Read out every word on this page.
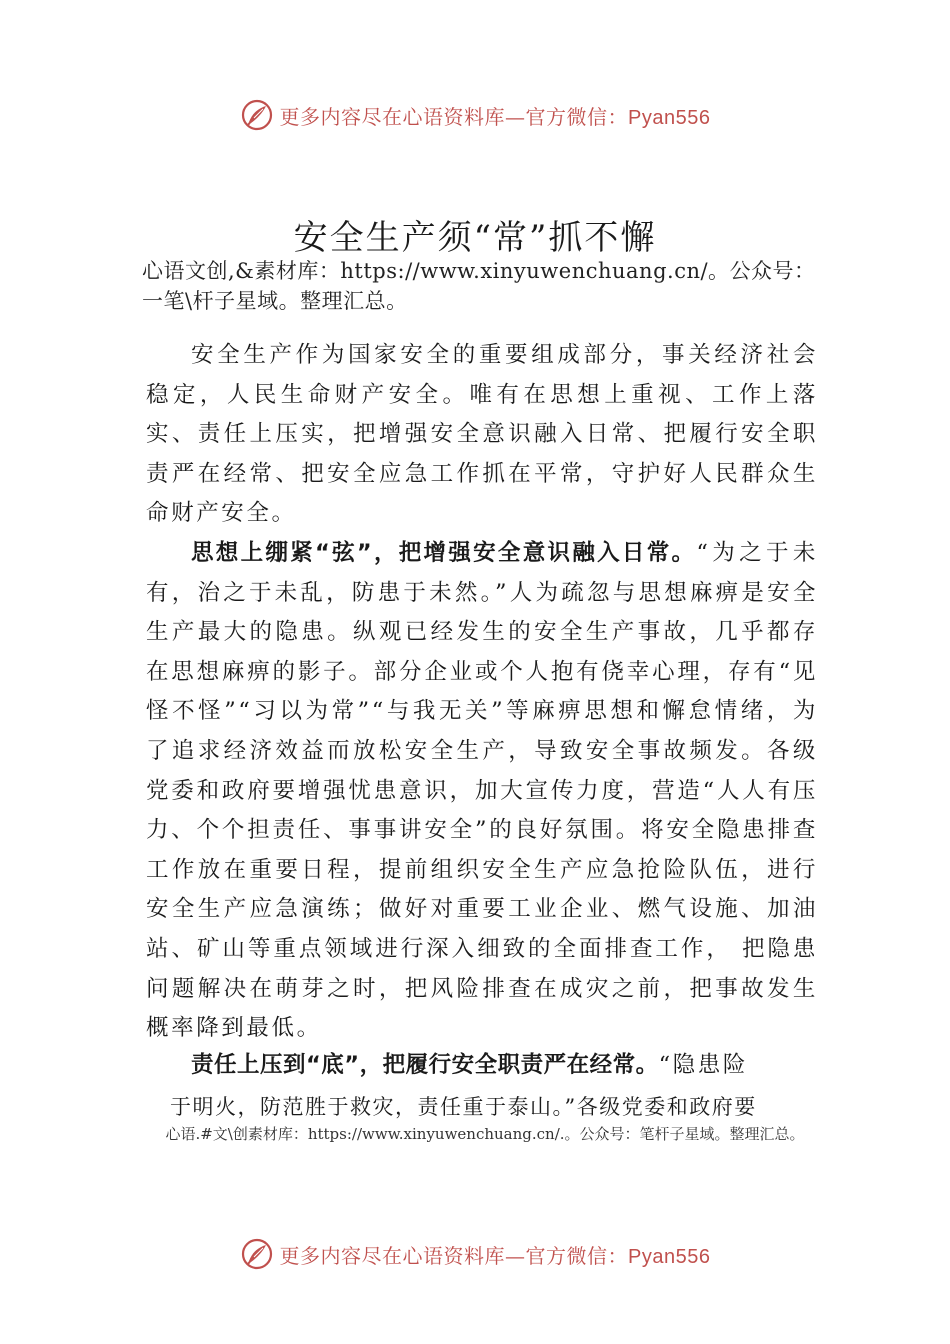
更多内容尽在心语资料库—官方微信：Pyan556
安全生产须“常”抓不懈

心语文创,&素材库：https://www.xinyuwenchuang.cn/。公众号：一笔\杆子星域。整理汇总。

安全生产作为国家安全的重要组成部分，事关经济社会稳定，人民生命财产安全。唯有在思想上重视、工作上落实、责任上压实，把增强安全意识融入日常、把履行安全职责严在经常、把安全应急工作抓在平常，守护好人民群众生命财产安全。

思想上绷紧“弦”，把增强安全意识融入日常。“为之于未有，治之于未乱，防患于未然。”人为疏忽与思想麻痹是安全生产最大的隐患。纵观已经发生的安全生产事故，几乎都存在思想麻痹的影子。部分企业或个人抱有侥幸心理，存有“见怪不怪”“习以为常”“与我无关”等麻痹思想和懈怠情绪，为了追求经济效益而放松安全生产，导致安全事故频发。各级党委和政府要增强忧患意识，加大宣传力度，营造“人人有压力、个个担责任、事事讲安全”的良好氛围。将安全隐患排查工作放在重要日程，提前组织安全生产应急抢险队伍，进行安全生产应急演练；做好对重要工业企业、燃气设施、加油站、矿山等重点领域进行深入细致的全面排查工作， 把隐患问题解决在萌芽之时，把风险排查在成灾之前，把事故发生概率降到最低。

责任上压到“底”，把履行安全职责严在经常。“隐患险

于明火，防范胜于救灾，责任重于泰山。”各级党委和政府要

心语.#文\创素材库：https://www.xinyuwenchuang.cn/.。公众号：笔杆子星域。整理汇总。

更多内容尽在心语资料库—官方微信：Pyan556
